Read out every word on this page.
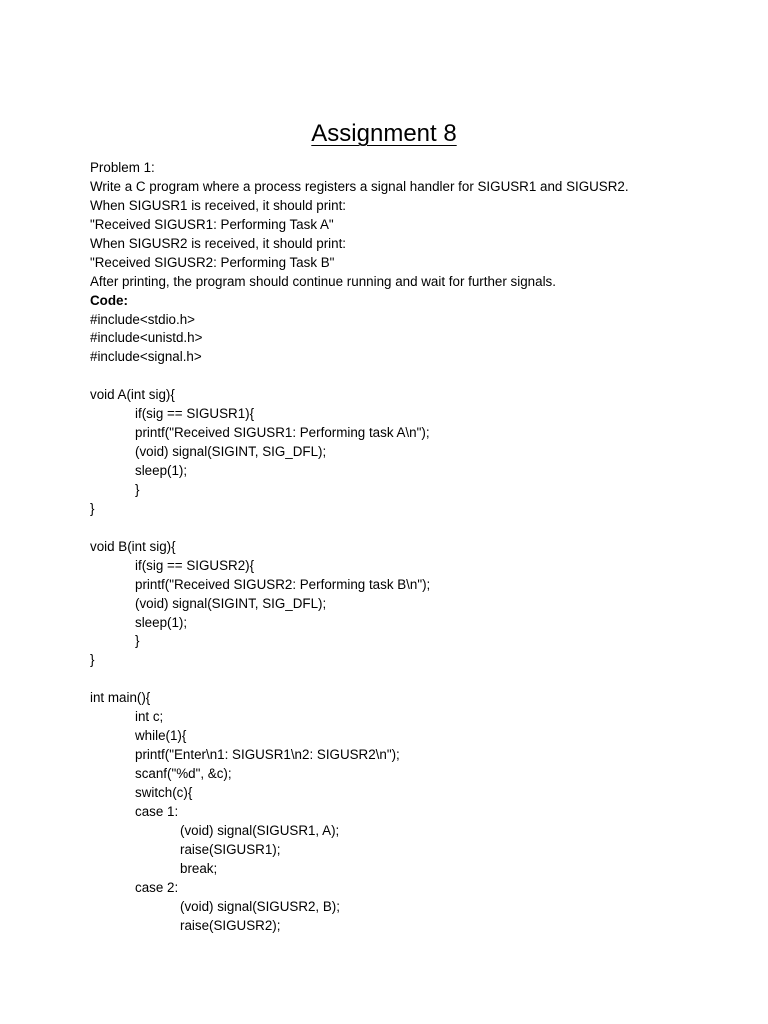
Assignment 8
Problem 1:
Write a C program where a process registers a signal handler for SIGUSR1 and SIGUSR2.
When SIGUSR1 is received, it should print:
"Received SIGUSR1: Performing Task A"
When SIGUSR2 is received, it should print:
"Received SIGUSR2: Performing Task B"
After printing, the program should continue running and wait for further signals.
Code:
#include<stdio.h>
#include<unistd.h>
#include<signal.h>
void A(int sig){
if(sig == SIGUSR1){
printf("Received SIGUSR1: Performing task A\n");
(void) signal(SIGINT, SIG_DFL);
sleep(1);
}
}
void B(int sig){
if(sig == SIGUSR2){
printf("Received SIGUSR2: Performing task B\n");
(void) signal(SIGINT, SIG_DFL);
sleep(1);
}
}
int main(){
int c;
while(1){
printf("Enter\n1: SIGUSR1\n2: SIGUSR2\n");
scanf("%d", &c);
switch(c){
case 1:
(void) signal(SIGUSR1, A);
raise(SIGUSR1);
break;
case 2:
(void) signal(SIGUSR2, B);
raise(SIGUSR2);
